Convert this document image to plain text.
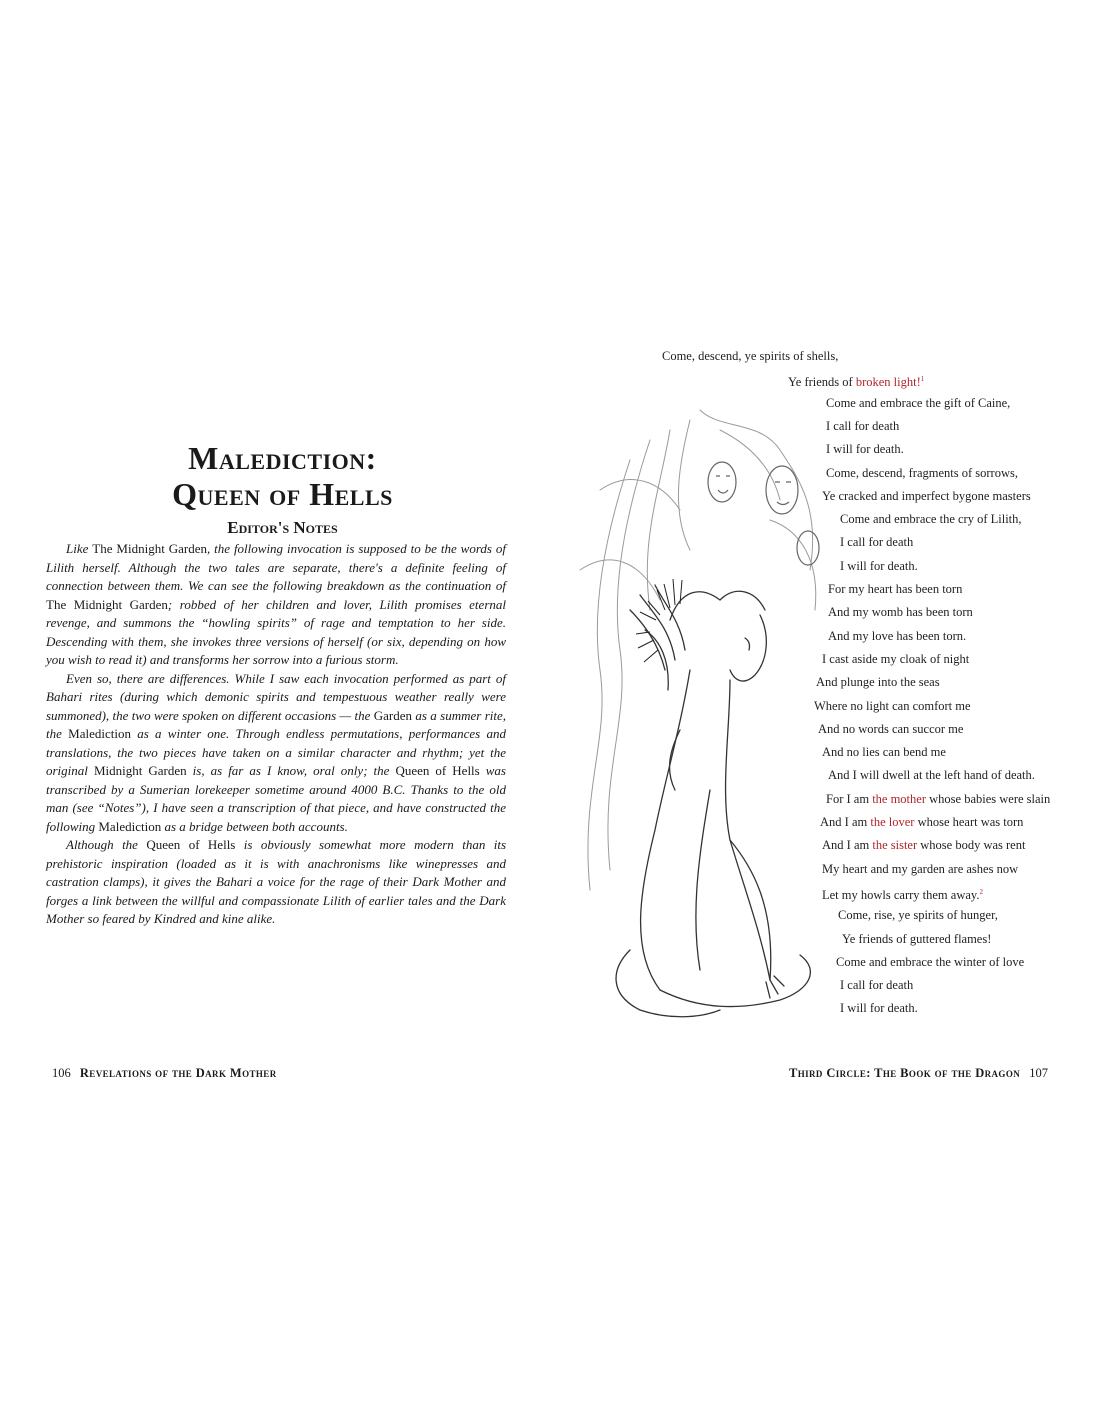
Malediction:
Queen of Hells
Editor's Notes

Like The Midnight Garden, the following invocation is supposed to be the words of Lilith herself. Although the two tales are separate, there's a definite feeling of connection between them. We can see the following breakdown as the continuation of The Midnight Garden; robbed of her children and lover, Lilith promises eternal revenge, and summons the “howling spirits” of rage and temptation to her side. Descending with them, she invokes three versions of herself (or six, depending on how you wish to read it) and transforms her sorrow into a furious storm.

Even so, there are differences. While I saw each invocation performed as part of Bahari rites (during which demonic spirits and tempestuous weather really were summoned), the two were spoken on different occasions — the Garden as a summer rite, the Malediction as a winter one. Through endless permutations, performances and translations, the two pieces have taken on a similar character and rhythm; yet the original Midnight Garden is, as far as I know, oral only; the Queen of Hells was transcribed by a Sumerian lorekeeper sometime around 4000 B.C. Thanks to the old man (see “Notes”), I have seen a transcription of that piece, and have constructed the following Malediction as a bridge between both accounts.

Although the Queen of Hells is obviously somewhat more modern than its prehistoric inspiration (loaded as it is with anachronisms like winepresses and castration clamps), it gives the Bahari a voice for the rage of their Dark Mother and forges a link between the willful and compassionate Lilith of earlier tales and the Dark Mother so feared by Kindred and kine alike.

106 Revelations of the Dark Mother
Come, descend, ye spirits of shells,
Ye friends of broken light!$^1$
Come and embrace the gift of Caine,
I call for death
I will for death.
Come, descend, fragments of sorrows,
Ye cracked and imperfect bygone masters
Come and embrace the cry of Lilith,
I call for death
I will for death.
For my heart has been torn
And my womb has been torn
And my love has been torn.
I cast aside my cloak of night
And plunge into the seas
Where no light can comfort me
And no words can succor me
And no lies can bend me
And I will dwell at the left hand of death.
For I am the mother whose babies were slain
And I am the lover whose heart was torn
And I am the sister whose body was rent
My heart and my garden are ashes now
Let my howls carry them away.$^2$
Come, rise, ye spirits of hunger,
Ye friends of guttered flames!
Come and embrace the winter of love
I call for death
I will for death.
Third Circle: The Book of the Dragon 107
